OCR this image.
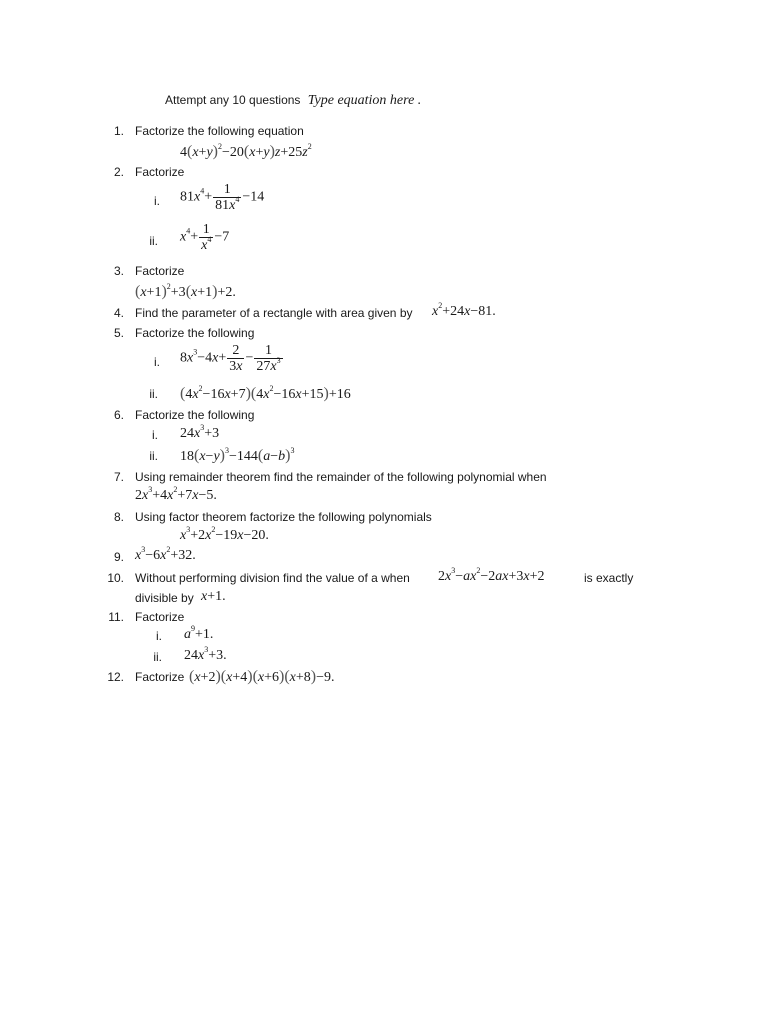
Attempt any 10 questions Type equation here .
1. Factorize the following equation
$4(x+y)^2-20(x+y)z+25z^2$
2. Factorize
i. $81x^4+ \frac{1}{81x^4} -14$
ii. $x^4+ \frac{1}{x^4} -7$
3. Factorize
$(x+1)^2+3(x+1)+2$.
4. Find the parameter of a rectangle with area given by $x^2+24x-81$.
5. Factorize the following
i. $8x^3-4x+ \frac{2}{3x} - \frac{1}{27x^3}$
ii. $(4x^2-16x+7)(4x^2-16x+15)+16$
6. Factorize the following
i. $24x^3+3$
ii. $18(x-y)^3-144(a-b)^3$
7. Using remainder theorem find the remainder of the following polynomial when
$2x^3+4x^2+7x-5$.
8. Using factor theorem factorize the following polynomials
$x^3+2x^2-19x-20$.
9. $x^3-6x^2+32$.
10. Without performing division find the value of a when $2x^3-ax^2-2ax+3x+2$	is exactly
divisible by x+1.
11. Factorize
i. $a^9+1$.
ii. $24x^3+3$.
12. Factorize (x+2)(x+4)(x+6)(x+8)−9.
